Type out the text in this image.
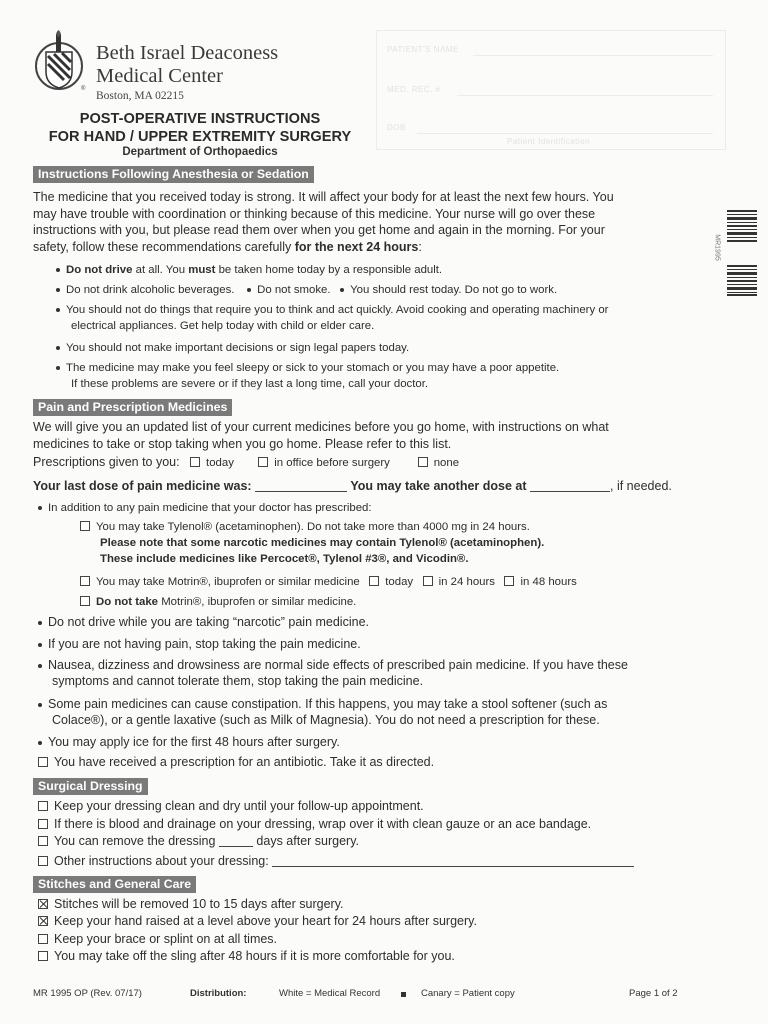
®
Beth Israel Deaconess
Medical Center
Boston, MA 02215
POST-OPERATIVE INSTRUCTIONS
FOR HAND / UPPER EXTREMITY SURGERY
Department of Orthopaedics
PATIENT'S NAME
MED. REC. #
DOB
Patient Identification
MR1995
Instructions Following Anesthesia or Sedation
The medicine that you received today is strong. It will affect your body for at least the next few hours. You
may have trouble with coordination or thinking because of this medicine. Your nurse will go over these
instructions with you, but please read them over when you get home and again in the morning. For your
safety, follow these recommendations carefully for the next 24 hours:
Do not drive at all. You must be taken home today by a responsible adult.
Do not drink alcoholic beverages. Do not smoke. You should rest today. Do not go to work.
You should not do things that require you to think and act quickly. Avoid cooking and operating machinery or
electrical appliances. Get help today with child or elder care.
You should not make important decisions or sign legal papers today.
The medicine may make you feel sleepy or sick to your stomach or you may have a poor appetite.
If these problems are severe or if they last a long time, call your doctor.
Pain and Prescription Medicines
We will give you an updated list of your current medicines before you go home, with instructions on what
medicines to take or stop taking when you go home. Please refer to this list.
Prescriptions given to you: today	in office before surgery	none
Your last dose of pain medicine was:	You may take another dose at	, if needed.
In addition to any pain medicine that your doctor has prescribed:
You may take Tylenol® (acetaminophen). Do not take more than 4000 mg in 24 hours.
Please note that some narcotic medicines may contain Tylenol® (acetaminophen).
These include medicines like Percocet®, Tylenol #3®, and Vicodin®.
You may take Motrin®, ibuprofen or similar medicine today in 24 hours in 48 hours
Do not take Motrin®, ibuprofen or similar medicine.
Do not drive while you are taking “narcotic” pain medicine.
If you are not having pain, stop taking the pain medicine.
Nausea, dizziness and drowsiness are normal side effects of prescribed pain medicine. If you have these
symptoms and cannot tolerate them, stop taking the pain medicine.
Some pain medicines can cause constipation. If this happens, you may take a stool softener (such as
Colace®), or a gentle laxative (such as Milk of Magnesia). You do not need a prescription for these.
You may apply ice for the first 48 hours after surgery.
You have received a prescription for an antibiotic. Take it as directed.
Surgical Dressing
Keep your dressing clean and dry until your follow-up appointment.
If there is blood and drainage on your dressing, wrap over it with clean gauze or an ace bandage.
You can remove the dressing	days after surgery.
Other instructions about your dressing:
Stitches and General Care
Stitches will be removed 10 to 15 days after surgery.
Keep your hand raised at a level above your heart for 24 hours after surgery.
Keep your brace or splint on at all times.
You may take off the sling after 48 hours if it is more comfortable for you.
MR 1995 OP (Rev. 07/17)	Distribution:	White = Medical Record	Canary = Patient copy	Page 1 of 2
